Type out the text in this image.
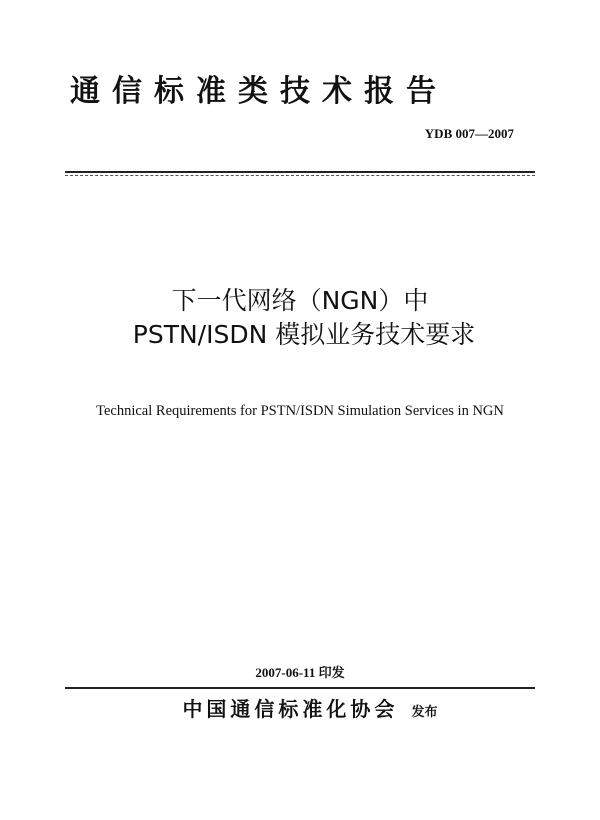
通信标准类技术报告
YDB 007—2007
下一代网络（NGN）中
PSTN/ISDN 模拟业务技术要求
Technical Requirements for PSTN/ISDN Simulation Services in NGN
2007-06-11 印发
中国通信标准化协会 发布
